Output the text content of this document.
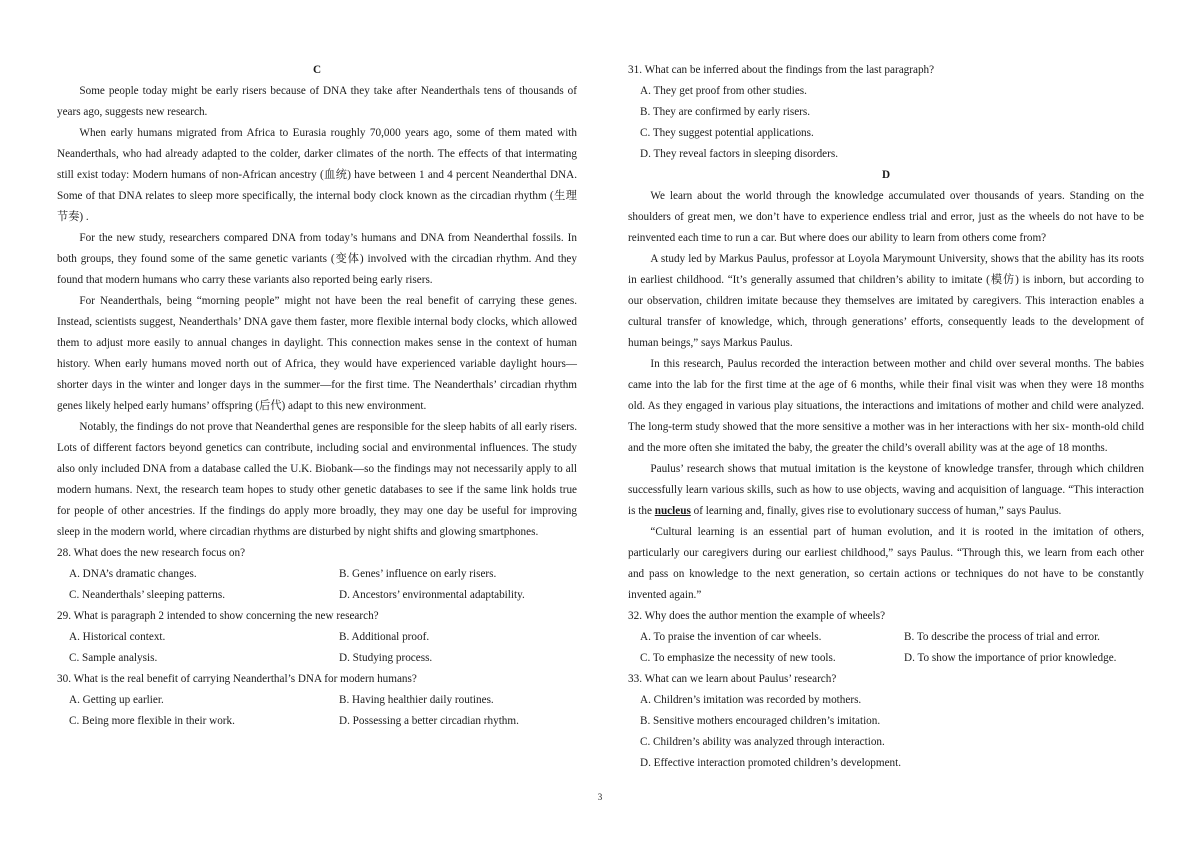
C

Some people today might be early risers because of DNA they take after Neanderthals tens of thousands of years ago, suggests new research.

When early humans migrated from Africa to Eurasia roughly 70,000 years ago, some of them mated with Neanderthals, who had already adapted to the colder, darker climates of the north. The effects of that intermating still exist today: Modern humans of non-African ancestry (血统) have between 1 and 4 percent Neanderthal DNA. Some of that DNA relates to sleep more specifically, the internal body clock known as the circadian rhythm (生理节奏) .

For the new study, researchers compared DNA from today’s humans and DNA from Neanderthal fossils. In both groups, they found some of the same genetic variants (变体) involved with the circadian rhythm. And they found that modern humans who carry these variants also reported being early risers.

For Neanderthals, being “morning people” might not have been the real benefit of carrying these genes. Instead, scientists suggest, Neanderthals’ DNA gave them faster, more flexible internal body clocks, which allowed them to adjust more easily to annual changes in daylight. This connection makes sense in the context of human history. When early humans moved north out of Africa, they would have experienced variable daylight hours—shorter days in the winter and longer days in the summer—for the first time. The Neanderthals’ circadian rhythm genes likely helped early humans’ offspring (后代) adapt to this new environment.

Notably, the findings do not prove that Neanderthal genes are responsible for the sleep habits of all early risers. Lots of different factors beyond genetics can contribute, including social and environmental influences. The study also only included DNA from a database called the U.K. Biobank—so the findings may not necessarily apply to all modern humans. Next, the research team hopes to study other genetic databases to see if the same link holds true for people of other ancestries. If the findings do apply more broadly, they may one day be useful for improving sleep in the modern world, where circadian rhythms are disturbed by night shifts and glowing smartphones.

28. What does the new research focus on?

A. DNA’s dramatic changes.	B. Genes’ influence on early risers.
C. Neanderthals’ sleeping patterns.	D. Ancestors’ environmental adaptability.

29. What is paragraph 2 intended to show concerning the new research?

A. Historical context.	B. Additional proof.
C. Sample analysis.	D. Studying process.

30. What is the real benefit of carrying Neanderthal’s DNA for modern humans?

A. Getting up earlier.	B. Having healthier daily routines.
C. Being more flexible in their work.	D. Possessing a better circadian rhythm.

31. What can be inferred about the findings from the last paragraph?

A. They get proof from other studies.
B. They are confirmed by early risers.
C. They suggest potential applications.
D. They reveal factors in sleeping disorders.
D

We learn about the world through the knowledge accumulated over thousands of years. Standing on the shoulders of great men, we don’t have to experience endless trial and error, just as the wheels do not have to be reinvented each time to run a car. But where does our ability to learn from others come from?

A study led by Markus Paulus, professor at Loyola Marymount University, shows that the ability has its roots in earliest childhood. “It’s generally assumed that children’s ability to imitate (模仿) is inborn, but according to our observation, children imitate because they themselves are imitated by caregivers. This interaction enables a cultural transfer of knowledge, which, through generations’ efforts, consequently leads to the development of human beings,” says Markus Paulus.

In this research, Paulus recorded the interaction between mother and child over several months. The babies came into the lab for the first time at the age of 6 months, while their final visit was when they were 18 months old. As they engaged in various play situations, the interactions and imitations of mother and child were analyzed. The long-term study showed that the more sensitive a mother was in her interactions with her six- month-old child and the more often she imitated the baby, the greater the child’s overall ability was at the age of 18 months.

Paulus’ research shows that mutual imitation is the keystone of knowledge transfer, through which children successfully learn various skills, such as how to use objects, waving and acquisition of language. “This interaction is the nucleus of learning and, finally, gives rise to evolutionary success of human,” says Paulus.

“Cultural learning is an essential part of human evolution, and it is rooted in the imitation of others, particularly our caregivers during our earliest childhood,” says Paulus. “Through this, we learn from each other and pass on knowledge to the next generation, so certain actions or techniques do not have to be constantly invented again.”

32. Why does the author mention the example of wheels?

A. To praise the invention of car wheels.	B. To describe the process of trial and error.
C. To emphasize the necessity of new tools.	D. To show the importance of prior knowledge.

33. What can we learn about Paulus’ research?

A. Children’s imitation was recorded by mothers.
B. Sensitive mothers encouraged children’s imitation.
C. Children’s ability was analyzed through interaction.
D. Effective interaction promoted children’s development.
3
